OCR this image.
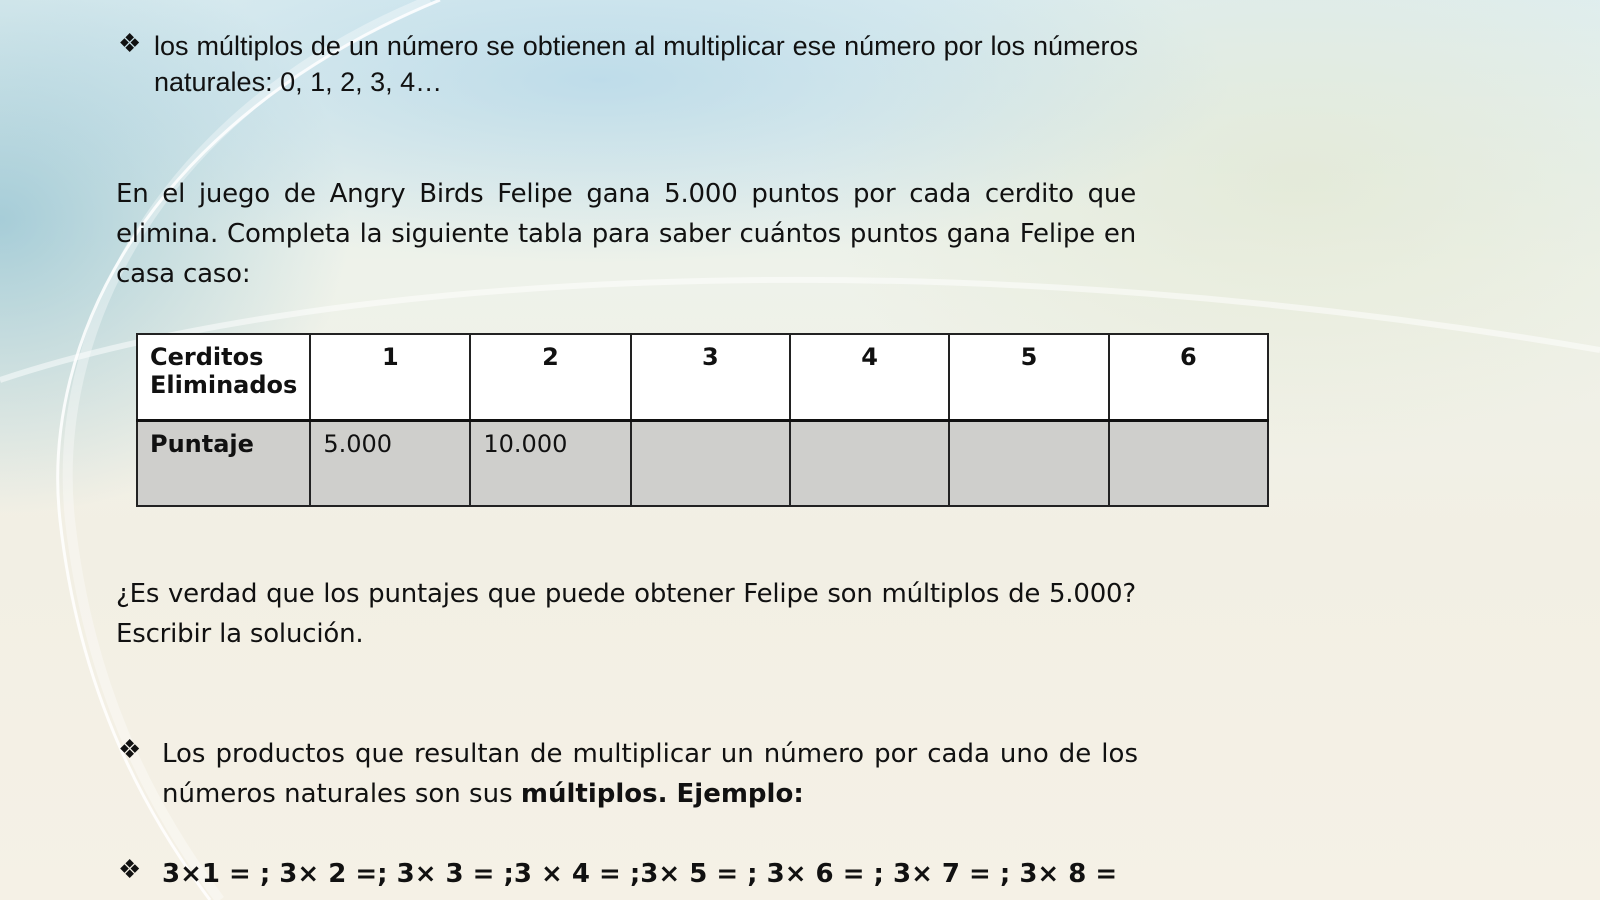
❖ los múltiplos de un número se obtienen al multiplicar ese número por los números naturales: 0, 1, 2, 3, 4…
En el juego de Angry Birds Felipe gana 5.000 puntos por cada cerdito que elimina. Completa la siguiente tabla para saber cuántos puntos gana Felipe en casa caso:
Cerditos
Eliminados	1	2	3	4	5	6
Puntaje	5.000	10.000				
¿Es verdad que los puntajes que puede obtener Felipe son múltiplos de 5.000? Escribir la solución.
❖ Los productos que resultan de multiplicar un número por cada uno de los números naturales son sus múltiplos. Ejemplo:
❖ 3×1 = ; 3× 2 =; 3× 3 = ;3 × 4 = ;3× 5 = ; 3× 6 = ; 3× 7 = ; 3× 8 =
